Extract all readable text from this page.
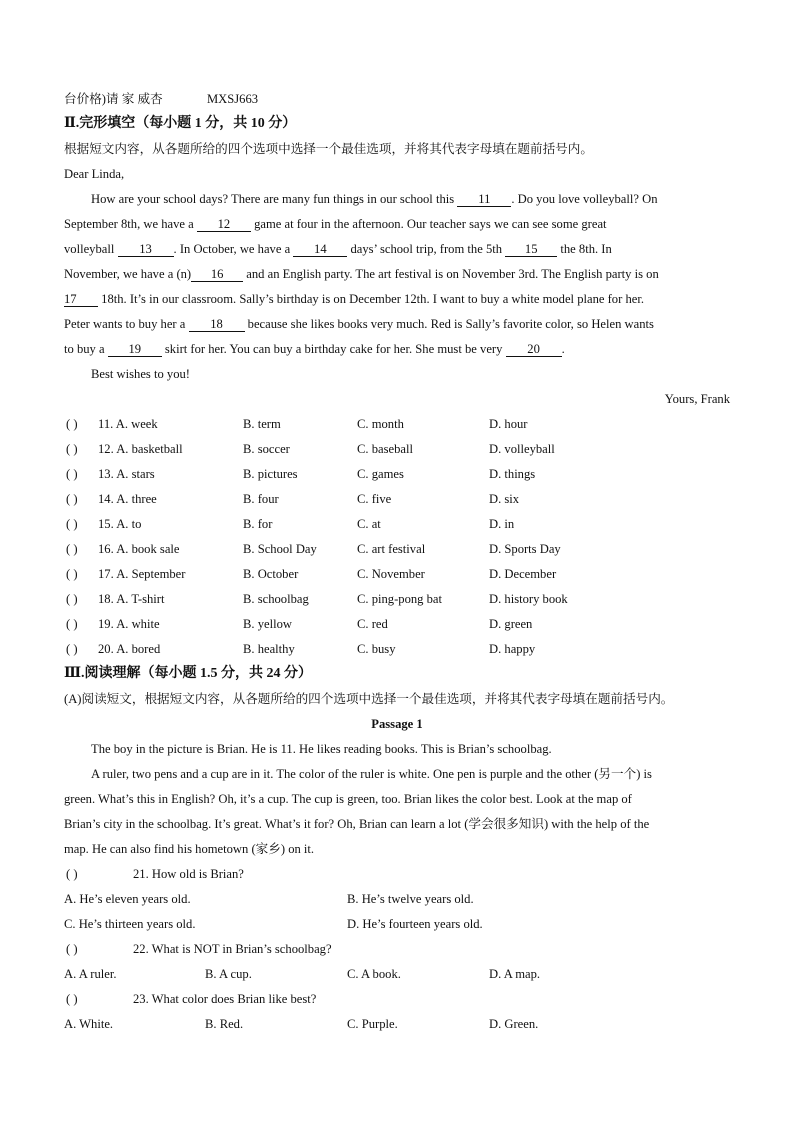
台价格)请 家 威杏	MXSJ663
Ⅱ.完形填空（每小题 1 分，共 10 分）
根据短文内容，从各题所给的四个选项中选择一个最佳选项，并将其代表字母填在题前括号内。
Dear Linda,
How are your school days? There are many fun things in our school this 11 . Do you love volleyball? On
September 8th, we have a 12 game at four in the afternoon. Our teacher says we can see some great
volleyball 13 . In October, we have a 14 days’ school trip, from the 5th 15 the 8th. In
November, we have a (n) 16 and an English party. The art festival is on November 3rd. The English party is on
17 18th. It’s in our classroom. Sally’s birthday is on December 12th. I want to buy a white model plane for her.
Peter wants to buy her a 18 because she likes books very much. Red is Sally’s favorite color, so Helen wants
to buy a 19 skirt for her. You can buy a birthday cake for her. She must be very 20 .
Best wishes to you!
Yours, Frank
( ) 11. A. week	B. term	C. month	D. hour
( ) 12. A. basketball	B. soccer	C. baseball	D. volleyball
( ) 13. A. stars	B. pictures	C. games	D. things
( ) 14. A. three	B. four	C. five	D. six
( ) 15. A. to	B. for	C. at	D. in
( ) 16. A. book sale	B. School Day	C. art festival	D. Sports Day
( ) 17. A. September	B. October	C. November	D. December
( ) 18. A. T-shirt	B. schoolbag	C. ping-pong bat	D. history book
( ) 19. A. white	B. yellow	C. red	D. green
( ) 20. A. bored	B. healthy	C. busy	D. happy
Ⅲ.阅读理解（每小题 1.5 分，共 24 分）
(A)阅读短文，根据短文内容，从各题所给的四个选项中选择一个最佳选项，并将其代表字母填在题前括号内。
Passage 1
The boy in the picture is Brian. He is 11. He likes reading books. This is Brian’s schoolbag.
A ruler, two pens and a cup are in it. The color of the ruler is white. One pen is purple and the other (另一个) is
green. What’s this in English? Oh, it’s a cup. The cup is green, too. Brian likes the color best. Look at the map of
Brian’s city in the schoolbag. It’s great. What’s it for? Oh, Brian can learn a lot (学会很多知识) with the help of the
map. He can also find his hometown (家乡) on it.
( )	21. How old is Brian?
A. He’s eleven years old.	B. He’s twelve years old.
C. He’s thirteen years old.	D. He’s fourteen years old.
( )	22. What is NOT in Brian’s schoolbag?
A. A ruler.	B. A cup.	C. A book.	D. A map.
( )	23. What color does Brian like best?
A. White.	B. Red.	C. Purple.	D. Green.
